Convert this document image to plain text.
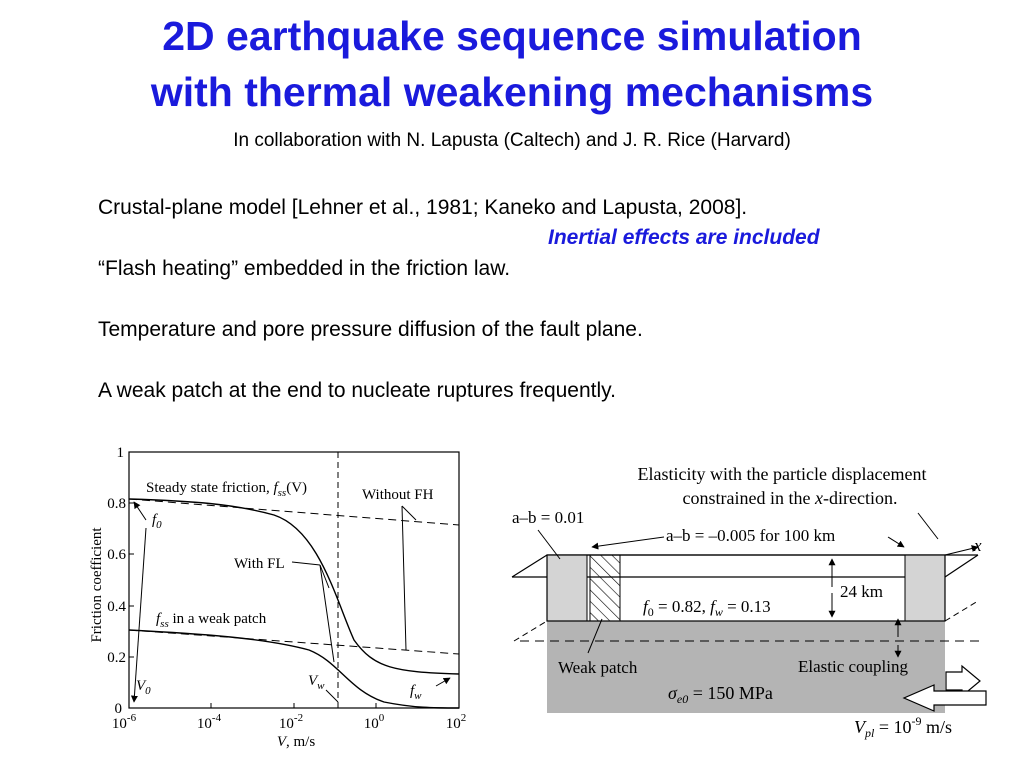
2D earthquake sequence simulation
with thermal weakening mechanisms
In collaboration with N. Lapusta (Caltech) and J. R. Rice (Harvard)
Crustal-plane model [Lehner et al., 1981; Kaneko and Lapusta, 2008].
Inertial effects are included
“Flash heating” embedded in the friction law.
Temperature and pore pressure diffusion of the fault plane.
A weak patch at the end to nucleate ruptures frequently.
0
0.2
0.4
0.6
0.8
1
$10^{-6}$	$10^{-4}$	$10^{-2}$	$10^0$	$10^2$
V, m/s
Friction coefficient
Steady state friction, $f_{ss}(V)$	Without FH
$f_0$
With FL
$f_{ss}$ in a weak patch
$V_0$
$V_w$	$f_w$
Elasticity with the particle displacement
constrained in the x-direction.
a–b = 0.01
a–b = –0.005 for 100 km
x
24 km
$f_0 = 0.82$, $f_w = 0.13$
Weak patch	Elastic coupling
$\sigma_{e0} = 150$ MPa
$V_{pl} = 10^{-9}$ m/s
